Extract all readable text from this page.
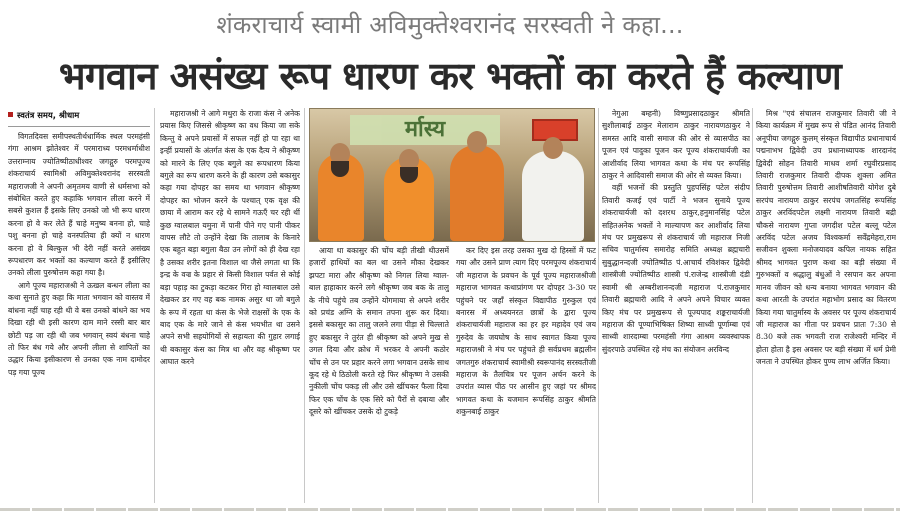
शंकराचार्य स्वामी अविमुक्तेश्वरानंद सरस्वती ने कहा...
भगवान असंख्य रूप धारण कर भक्तों का करते हैं कल्याण
स्वतंत्र समय, श्रीधाम

विगतदिवस समीपस्थतीर्थधार्मिक स्थल परमहंसी गंगा आश्रम झोतेश्वर में परमाराध्य परमधर्माधीश उत्तराम्नाय ज्योतिष्पीठाधीश्वर जगद्गुरु परमपूज्य शंकराचार्य स्वामिश्री अविमुक्तेश्वरानंद सरस्वती महाराजजी ने अपनी अमृतमय वाणी से धर्मसभा को संबोधित करते हुए कहाकि भगवान लीला करने में सबसे कुशल हैं इसके लिए उनको जो भी रूप धारण करना हो वे कर लेते हैं चाहे मनुष्य बनना हो, चाहे पशु बनना हो चाहे वनस्पतिया ही क्यों न धारण करना हो वे बिल्कुल भी देरी नहीं करते असंख्य रूपधारण कर भक्तों का कल्याण करते हैं इसीलिए उनको लीला पुरुषोत्तम कहा गया है।

आगे पूज्य महाराजश्री ने ऊखल बन्धन लीला का कथा सुनाते हुए कहा कि माता भगवान को वास्तव में बांधना नहीं चाह रही थी वे बस उनको बांधने का भय दिखा रही थी इसी कारण दाम माने रस्सी बार बार छोटी पड़ जा रही थी जब भगवान् स्वयं बंधना चाहे तो फिर बंध गये और अपनी लीला से शापितों का उद्धार किया इसीकारण से उनका एक नाम दामोदर पड़ गया पूज्य

महाराजश्री ने आगे मथुरा के राजा कंस ने अनेक प्रयास किए जिससे श्रीकृष्ण का वध किया जा सके किन्तु वे अपने प्रयासों में सफल नहीं हो पा रहा था इन्हीं प्रयासों के अंतर्गत कंस के एक दैत्य ने श्रीकृष्ण को मारने के लिए एक बगुले का रूपधारण किया बगुले का रूप धारण करने के ही कारण उसे बकासुर कहा गया दोपहर का समय था भगवान श्रीकृष्ण दोपहर का भोजन करने के पश्चात् एक वृक्ष की छाया में आराम कर रहे थे सामने गऊएँ चर रही थीं कुछ ग्वालबाल यमुना में पानी पीने गए पानी पीकर वापस लौटे तो उन्होंने देखा कि तालाब के किनारे एक बहुत बड़ा बगुला बैठा उन लोगों को ही देख रहा है उसका शरीर इतना विशाल था जैसे लगता था कि इन्द्र के वज्र के प्रहार से किसी विशाल पर्वत से कोई बड़ा पहाड़ का टुकड़ा कटकर गिरा हो ग्वालबाल उसे देखकर डर गए वह बक नामक असुर था जो बगुले के रूप में रहता था कंस के भेजे राक्षसों के एक के बाद एक के मारे जाने से कंस भयभीत था उसने अपने सभी सहयोगियों से सहायता की गुहार लगाई थी बकासुर कंस का मित्र था और वह श्रीकृष्ण पर आघात करने

र्मास्य

आया था बकासुर की चोंच बड़ी तीखी थीउसमें हजारों हाथियों का बल था उसने मौका देखकर झपटा मारा और श्रीकृष्ण को निगल लिया ग्वाल-बाल हाहाकार करने लगे श्रीकृष्ण जब बक के तालु के नीचे पहुंचे तब उन्होंने योगमाया से अपने शरीर को प्रचंड अग्नि के समान तपना शुरू कर दिया। इससे बकासुर का तालु जलने लगा पीड़ा से चिल्लाते हुए बकासुर ने तुरंत ही श्रीकृष्ण को अपने मुख से उगल दिया और क्रोध में भरकर वे अपनी कठोर चोंच से उन पर प्रहार करने लगा भगवान उसके साथ कूद रहे थे ठिठोली करते रहे फिर श्रीकृष्ण ने उसकी नुकीली चोंच पकड़ ली और उसे खींचकर फैला दिया फिर एक चोंच के एक सिरे को पैरों से दबाया और दूसरे को खींचकर उसके दो टुकड़े

कर दिए इस तरह उसका मुख दो हिस्सों में फट गया और उसने प्राण त्याग दिए परमपूज्य शंकराचार्य जी महाराज के प्रवचन के पूर्व पूज्य महाराजश्रीजी महाराज भागवत कथाप्रांगण पर दोपहर 3-30 पर पहुंचने पर जहाँ संस्कृत विद्यापीठ गुरुकुल एवं बनारस में अध्ययनरत छात्रों के द्वारा पूज्य शंकराचार्यजी महाराज का हर हर महादेव एवं जय गुरुदेव के जयघोष के साथ स्वागत किया पूज्य महाराजश्री ने मंच पर पहुंचते ही सर्वप्रथम ब्रह्मलीन जगतगुरु शंकराचार्य स्वामीश्री स्वरूपानंद सरस्वतीजी महाराज के तैलचित्र पर पूजन अर्चन करने के उपरांत व्यास पीठ पर आसीन हुए जहां पर श्रीमद भागवत कथा के यजमान रूपसिंह ठाकुर श्रीमति शकुनबाई ठाकुर

नेगुआ बम्हनी) विष्णुप्रसादठाकुर श्रीमति सुशीलाबाई ठाकुर मेलाराम ठाकुर नारायणठाकुर ने समस्त आदि वासी समाज की ओर से व्यासपीठ का पूजन एवं पादुका पूजन कर पूज्य शंकराचार्यजी का आशीर्वाद लिया भागवत कथा के मंच पर रूपसिंह ठाकुर ने आदिवासी समाज की ओर से व्यक्त किया।

वहीं भजनों की प्रस्तुति पुहपसिंह पटेल संदीप तिवारी कजई एवं पार्टी ने भजन सुनाये पूज्य शंकराचार्यजी को दशरथ ठाकुर,हनुमानसिंह पटेल सहितअनेक भक्तों ने माल्यापण कर आशीर्वाद लिया मंच पर प्रमुखरूप से शंकराचार्य जी महाराज निजी सचिव चातुर्मास्य समारोह समिति अध्यक्ष ब्रह्मचारी सुबुद्धानन्दजी ज्योतिष्पीठ पं.आचार्य रविशंकर द्विवेदी शास्त्रीजी ज्योतिष्पीठ शास्त्री पं.राजेन्द्र शास्त्रीजी दंडी स्वामी श्री अम्बरीशानन्दजी महाराज पं.राजकुमार तिवारी ब्रह्मचारी आदि ने अपने अपने विचार व्यक्त किए मंच पर प्रमुखरूप से पूज्यपाद शङ्कराचार्यजी महाराज की पूण्याभिषिक्त शिष्या साध्वी पूर्णाम्बा एवं साध्वी शारदाम्बा परमहंसी गंगा आश्रम व्यवस्थापक सुंदरपाठे उपस्थित रहे मंच का संयोजन अरविन्द

मिश्र "एवं संचालन राजकुमार तिवारी जी ने किया कार्यक्रम में मुख्य रूप से पंडित आनंद तिवारी अनूपीया जगद्गुरु कुलम् संस्कृत विद्यापीठ प्रधानाचार्य पद्मनाभभ द्विवेदी उप प्रधानाध्यापक शारदानंद द्विवेदी सोहन तिवारी माधव शर्मा रघुवीरप्रसाद तिवारी राजकुमार तिवारी दीपक शुक्ला अमित तिवारी पुरुषोत्तम तिवारी आशीषतिवारी योगेश दुबे सरपंच नारायण ठाकुर सरपंच जगतसिंह रूपसिंह ठाकुर अरविंदपटेल लक्ष्मी नारायण तिवारी बद्री चौकसे नारायण गुप्ता जगदीश पटेल बल्लू पटेल अरविंद पटेल अजय विश्वकर्मा सर्वेंद्रमेहरा,राम सजीवन शुक्ला मनोजयादव कपिल नायक सहित श्रीमद भागवत पुराण कथा का बड़ी संख्या में गुरुभक्तों व श्रद्धालु बंधुओं ने रसपान कर अपना मानव जीवन को धन्य बनाया भागवत भगवान की कथा आरती के उपरांत महाभोग प्रसाद का वितरण किया गया चातुर्मास्य के अवसर पर पूज्य शंकराचार्य जी महाराज का गीता पर प्रवचन प्रातः 7:30 से 8.30 बजे तक भगवती राज राजेश्वरी मन्दिर में होता होता है इस अवसर पर बड़ी संख्या में धर्म प्रेमी जनता ने उपस्थित होकर पुण्य लाभ अर्जित किया।
